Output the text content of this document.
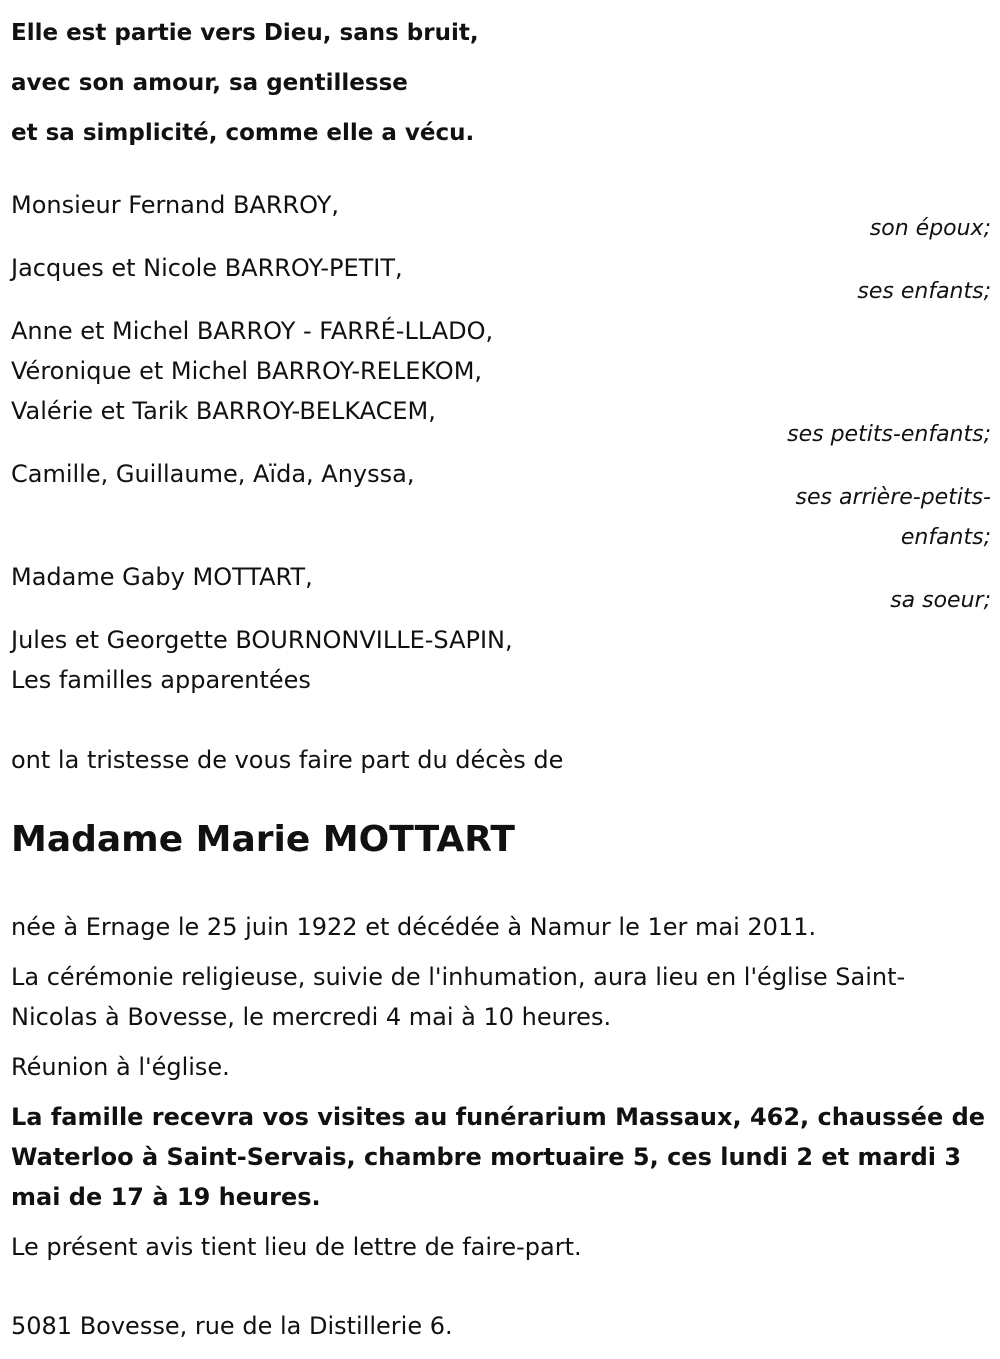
Elle est partie vers Dieu, sans bruit,
avec son amour, sa gentillesse
et sa simplicité, comme elle a vécu.
Monsieur Fernand BARROY,
son époux;
Jacques et Nicole BARROY-PETIT,
ses enfants;
Anne et Michel BARROY - FARRÉ-LLADO,
Véronique et Michel BARROY-RELEKOM,
Valérie et Tarik BARROY-BELKACEM,
ses petits-enfants;
Camille, Guillaume, Aïda, Anyssa,
ses arrière-petits-
enfants;
Madame Gaby MOTTART,
sa soeur;
Jules et Georgette BOURNONVILLE-SAPIN,
Les familles apparentées
ont la tristesse de vous faire part du décès de
Madame Marie MOTTART
née à Ernage le 25 juin 1922 et décédée à Namur le 1er mai 2011.
La cérémonie religieuse, suivie de l'inhumation, aura lieu en l'église Saint-Nicolas à Bovesse, le mercredi 4 mai à 10 heures.
Réunion à l'église.
La famille recevra vos visites au funérarium Massaux, 462, chaussée de Waterloo à Saint-Servais, chambre mortuaire 5, ces lundi 2 et mardi 3 mai de 17 à 19 heures.
Le présent avis tient lieu de lettre de faire-part.
5081 Bovesse, rue de la Distillerie 6.
